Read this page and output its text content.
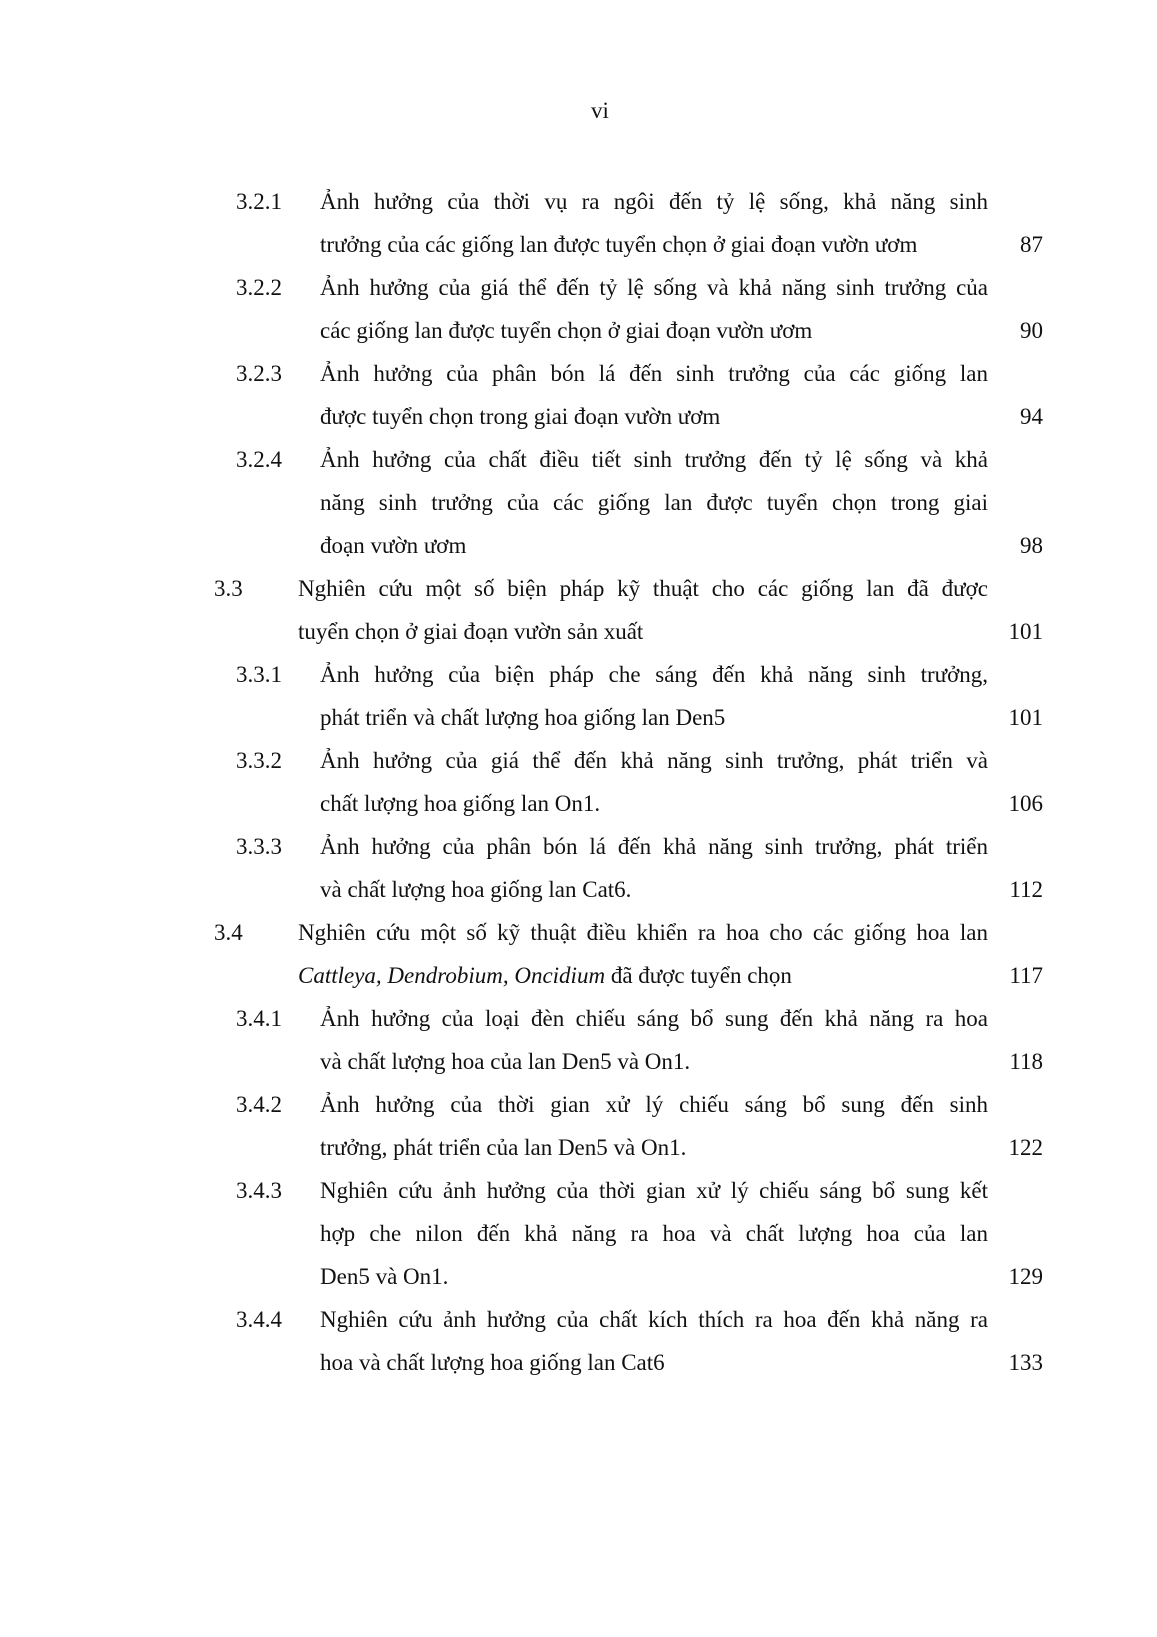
vi
3.2.1 Ảnh hưởng của thời vụ ra ngôi đến tỷ lệ sống, khả năng sinh
trưởng của các giống lan được tuyển chọn ở giai đoạn vườn ươm	87
3.2.2 Ảnh hưởng của giá thể đến tỷ lệ sống và khả năng sinh trưởng của
các giống lan được tuyển chọn ở giai đoạn vườn ươm	90
3.2.3 Ảnh hưởng của phân bón lá đến sinh trưởng của các giống lan
được tuyển chọn trong giai đoạn vườn ươm	94
3.2.4 Ảnh hưởng của chất điều tiết sinh trưởng đến tỷ lệ sống và khả
năng sinh trưởng của các giống lan được tuyển chọn trong giai
đoạn vườn ươm	98
3.3 Nghiên cứu một số biện pháp kỹ thuật cho các giống lan đã được
tuyển chọn ở giai đoạn vườn sản xuất	101
3.3.1 Ảnh hưởng của biện pháp che sáng đến khả năng sinh trưởng,
phát triển và chất lượng hoa giống lan Den5	101
3.3.2 Ảnh hưởng của giá thể đến khả năng sinh trưởng, phát triển và
chất lượng hoa giống lan On1.	106
3.3.3 Ảnh hưởng của phân bón lá đến khả năng sinh trưởng, phát triển
và chất lượng hoa giống lan Cat6.	112
3.4 Nghiên cứu một số kỹ thuật điều khiển ra hoa cho các giống hoa lan
Cattleya, Dendrobium, Oncidium đã được tuyển chọn	117
3.4.1 Ảnh hưởng của loại đèn chiếu sáng bổ sung đến khả năng ra hoa
và chất lượng hoa của lan Den5 và On1.	118
3.4.2 Ảnh hưởng của thời gian xử lý chiếu sáng bổ sung đến sinh
trưởng, phát triển của lan Den5 và On1.	122
3.4.3 Nghiên cứu ảnh hưởng của thời gian xử lý chiếu sáng bổ sung kết
hợp che nilon đến khả năng ra hoa và chất lượng hoa của lan
Den5 và On1.	129
3.4.4 Nghiên cứu ảnh hưởng của chất kích thích ra hoa đến khả năng ra
hoa và chất lượng hoa giống lan Cat6	133
